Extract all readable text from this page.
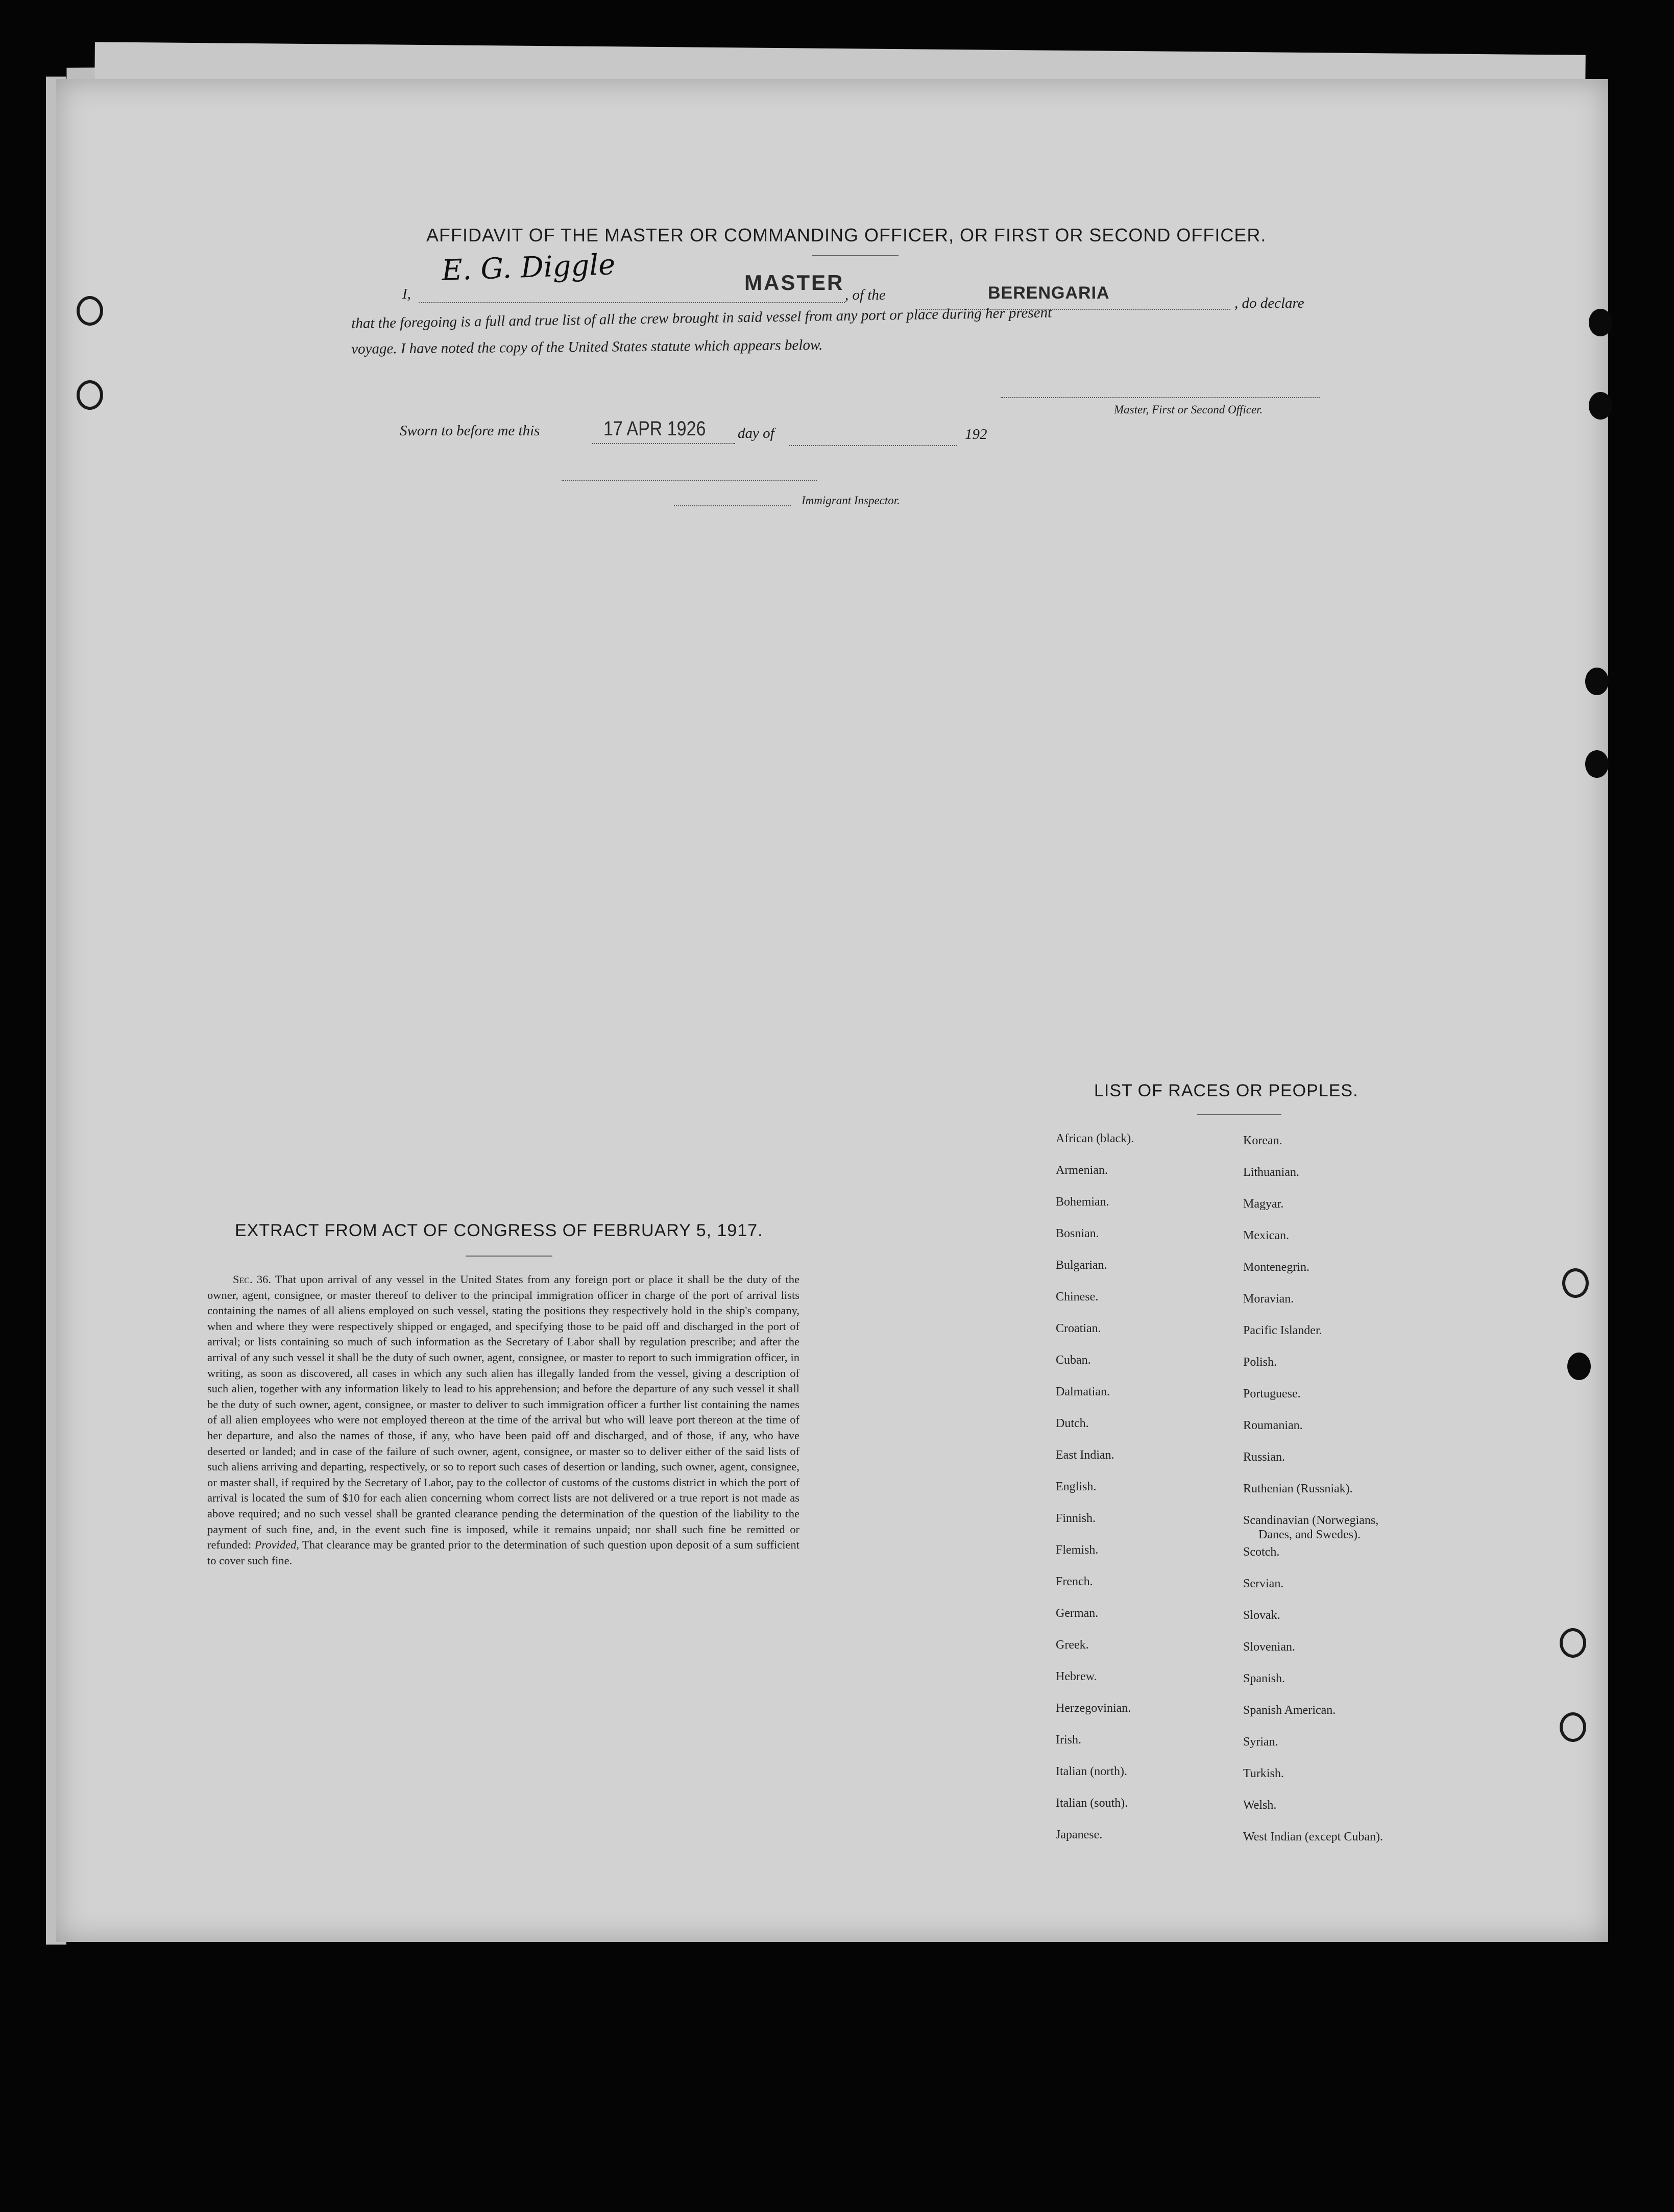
AFFIDAVIT OF THE MASTER OR COMMANDING OFFICER, OR FIRST OR SECOND OFFICER.
I,
E. G. Diggle	MASTER
, of the	BERENGARIA
, do declare
that the foregoing is a full and true list of all the crew brought in said vessel from any port or place during her present
voyage. I have noted the copy of the United States statute which appears below.
Master, First or Second Officer.
Sworn to before me this	17 APR 1926 day of	192
Immigrant Inspector.
EXTRACT FROM ACT OF CONGRESS OF FEBRUARY 5, 1917.
Sec. 36. That upon arrival of any vessel in the United States from any foreign port or place it shall be the duty of the owner, agent, consignee, or master thereof to deliver to the principal immigration officer in charge of the port of arrival lists containing the names of all aliens employed on such vessel, stating the positions they respectively hold in the ship's company, when and where they were respectively shipped or engaged, and specifying those to be paid off and discharged in the port of arrival; or lists containing so much of such information as the Secretary of Labor shall by regulation prescribe; and after the arrival of any such vessel it shall be the duty of such owner, agent, consignee, or master to report to such immigration officer, in writing, as soon as discovered, all cases in which any such alien has illegally landed from the vessel, giving a description of such alien, together with any information likely to lead to his apprehension; and before the departure of any such vessel it shall be the duty of such owner, agent, consignee, or master to deliver to such immigration officer a further list containing the names of all alien employees who were not employed thereon at the time of the arrival but who will leave port thereon at the time of her departure, and also the names of those, if any, who have been paid off and discharged, and of those, if any, who have deserted or landed; and in case of the failure of such owner, agent, consignee, or master so to deliver either of the said lists of such aliens arriving and departing, respectively, or so to report such cases of desertion or landing, such owner, agent, consignee, or master shall, if required by the Secretary of Labor, pay to the collector of customs of the customs district in which the port of arrival is located the sum of $10 for each alien concerning whom correct lists are not delivered or a true report is not made as above required; and no such vessel shall be granted clearance pending the determination of the question of the liability to the payment of such fine, and, in the event such fine is imposed, while it remains unpaid; nor shall such fine be remitted or refunded: Provided, That clearance may be granted prior to the determination of such question upon deposit of a sum sufficient to cover such fine.
LIST OF RACES OR PEOPLES.
African (black).
Armenian.
Bohemian.
Bosnian.
Bulgarian.
Chinese.
Croatian.
Cuban.
Dalmatian.
Dutch.
East Indian.
English.
Finnish.
Flemish.
French.
German.
Greek.
Hebrew.
Herzegovinian.
Irish.
Italian (north).
Italian (south).
Japanese.
Korean.
Lithuanian.
Magyar.
Mexican.
Montenegrin.
Moravian.
Pacific Islander.
Polish.
Portuguese.
Roumanian.
Russian.
Ruthenian (Russniak).
Scandinavian (Norwegians,
Danes, and Swedes).
Scotch.
Servian.
Slovak.
Slovenian.
Spanish.
Spanish American.
Syrian.
Turkish.
Welsh.
West Indian (except Cuban).
